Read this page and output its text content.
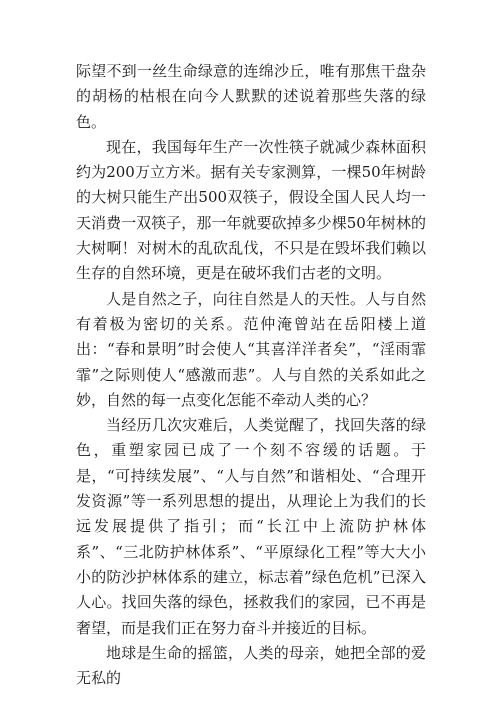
际望不到一丝生命绿意的连绵沙丘，唯有那焦干盘杂的胡杨的枯根在向今人默默的述说着那些失落的绿色。

现在，我国每年生产一次性筷子就减少森林面积约为200万立方米。据有关专家测算，一棵50年树龄的大树只能生产出500双筷子，假设全国人民人均一天消费一双筷子，那一年就要砍掉多少棵50年树林的大树啊！对树木的乱砍乱伐，不只是在毁坏我们赖以生存的自然环境，更是在破坏我们古老的文明。

人是自然之子，向往自然是人的天性。人与自然有着极为密切的关系。范仲淹曾站在岳阳楼上道出：“春和景明”时会使人“其喜洋洋者矣”，“淫雨霏霏”之际则使人“感激而悲”。人与自然的关系如此之妙，自然的每一点变化怎能不牵动人类的心？

当经历几次灾难后，人类觉醒了，找回失落的绿色，重塑家园已成了一个刻不容缓的话题。于是，“可持续发展”、“人与自然”和谐相处、“合理开发资源”等一系列思想的提出，从理论上为我们的长远发展提供了指引；而“长江中上流防护林体系”、“三北防护林体系”、“平原绿化工程”等大大小小的防沙护林体系的建立，标志着”绿色危机”已深入人心。找回失落的绿色，拯救我们的家园，已不再是奢望，而是我们正在努力奋斗并接近的目标。

地球是生命的摇篮，人类的母亲，她把全部的爱无私的
